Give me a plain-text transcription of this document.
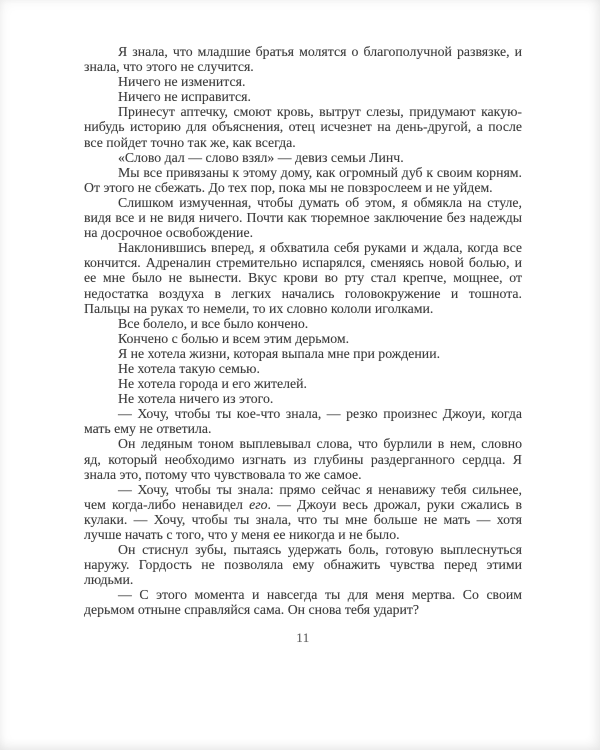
Я знала, что младшие братья молятся о благополучной развязке, и знала, что этого не случится.

Ничего не изменится.

Ничего не исправится.

Принесут аптечку, смоют кровь, вытрут слезы, придумают какую-нибудь историю для объяснения, отец исчезнет на день-другой, а после все пойдет точно так же, как всегда.

«Слово дал — слово взял» — девиз семьи Линч.

Мы все привязаны к этому дому, как огромный дуб к своим корням. От этого не сбежать. До тех пор, пока мы не повзрослеем и не уйдем.

Слишком измученная, чтобы думать об этом, я обмякла на стуле, видя все и не видя ничего. Почти как тюремное заключение без надежды на досрочное освобождение.

Наклонившись вперед, я обхватила себя руками и ждала, когда все кончится. Адреналин стремительно испарялся, сменяясь новой болью, и ее мне было не вынести. Вкус крови во рту стал крепче, мощнее, от недостатка воздуха в легких начались головокружение и тошнота. Пальцы на руках то немели, то их словно кололи иголками.

Все болело, и все было кончено.

Кончено с болью и всем этим дерьмом.

Я не хотела жизни, которая выпала мне при рождении.

Не хотела такую семью.

Не хотела города и его жителей.

Не хотела ничего из этого.

— Хочу, чтобы ты кое-что знала, — резко произнес Джоуи, когда мать ему не ответила.

Он ледяным тоном выплевывал слова, что бурлили в нем, словно яд, который необходимо изгнать из глубины раздерганного сердца. Я знала это, потому что чувствовала то же самое.

— Хочу, чтобы ты знала: прямо сейчас я ненавижу тебя сильнее, чем когда-либо ненавидел его. — Джоуи весь дрожал, руки сжались в кулаки. — Хочу, чтобы ты знала, что ты мне больше не мать — хотя лучше начать с того, что у меня ее никогда и не было.

Он стиснул зубы, пытаясь удержать боль, готовую выплеснуться наружу. Гордость не позволяла ему обнажить чувства перед этими людьми.

— С этого момента и навсегда ты для меня мертва. Со своим дерьмом отныне справляйся сама. Он снова тебя ударит?

11
